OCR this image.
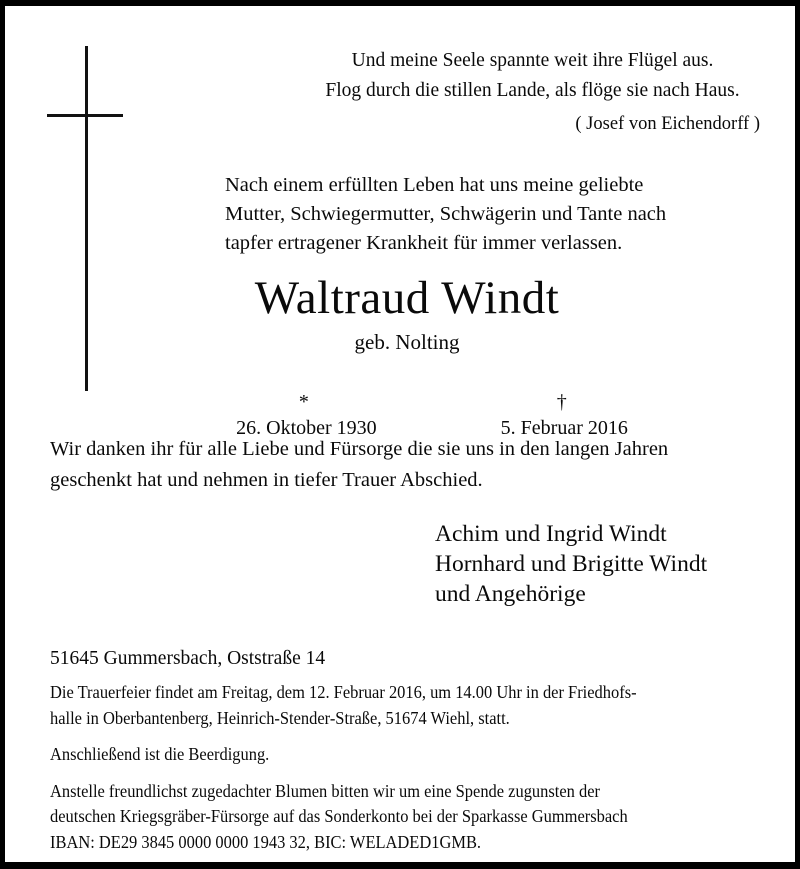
Und meine Seele spannte weit ihre Flügel aus.
Flog durch die stillen Lande, als flöge sie nach Haus.
( Josef von Eichendorff )
Nach einem erfüllten Leben hat uns meine geliebte
Mutter, Schwiegermutter, Schwägerin und Tante nach
tapfer ertragener Krankheit für immer verlassen.
Waltraud Windt
geb. Nolting

*
26. Oktober 1930

†
5. Februar 2016

Wir danken ihr für alle Liebe und Fürsorge die sie uns in den langen Jahren
geschenkt hat und nehmen in tiefer Trauer Abschied.
Achim und Ingrid Windt
Hornhard und Brigitte Windt
und Angehörige
51645 Gummersbach, Oststraße 14

Die Trauerfeier findet am Freitag, dem 12. Februar 2016, um 14.00 Uhr in der Friedhofs-
halle in Oberbantenberg, Heinrich-Stender-Straße, 51674 Wiehl, statt.

Anschließend ist die Beerdigung.

Anstelle freundlichst zugedachter Blumen bitten wir um eine Spende zugunsten der
deutschen Kriegsgräber-Fürsorge auf das Sonderkonto bei der Sparkasse Gummersbach
IBAN: DE29 3845 0000 0000 1943 32, BIC: WELADED1GMB.
